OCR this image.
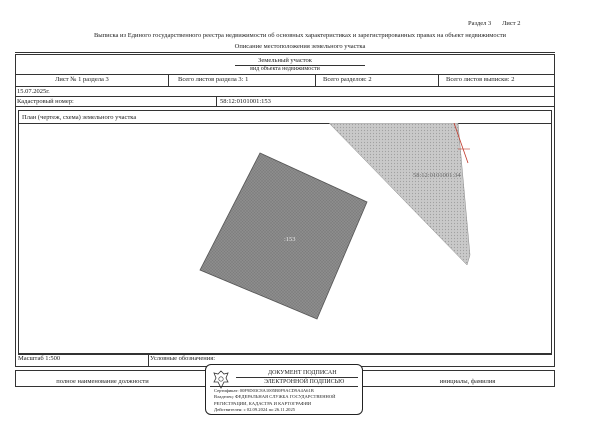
Раздел 3 Лист 2
Выписка из Единого государственного реестра недвижимости об основных характеристиках и зарегистрированных правах на объект недвижимости
Описание местоположения земельного участка
Земельный участок
вид объекта недвижимости
Лист № 1 раздела 3	Всего листов раздела 3: 1	Всего разделов: 2	Всего листов выписки: 2
15.07.2025г.
Кадастровый номер:	58:12:0101001:153
План (чертеж, схема) земельного участка
:153
58:12:0101001:34
Масштаб 1:500	Условные обозначения:
полное наименование должности	инициалы, фамилия
ДОКУМЕНТ ПОДПИСАН
ЭЛЕКТРОННОЙ ПОДПИСЬЮ
Сертификат: 00F9D03C8A1005B0F9ACD9A4A61B
Владелец: ФЕДЕРАЛЬНАЯ СЛУЖБА ГОСУДАРСТВЕННОЙ
РЕГИСТРАЦИИ, КАДАСТРА И КАРТОГРАФИИ
Действителен: с 02.09.2024 по 26.11.2025
